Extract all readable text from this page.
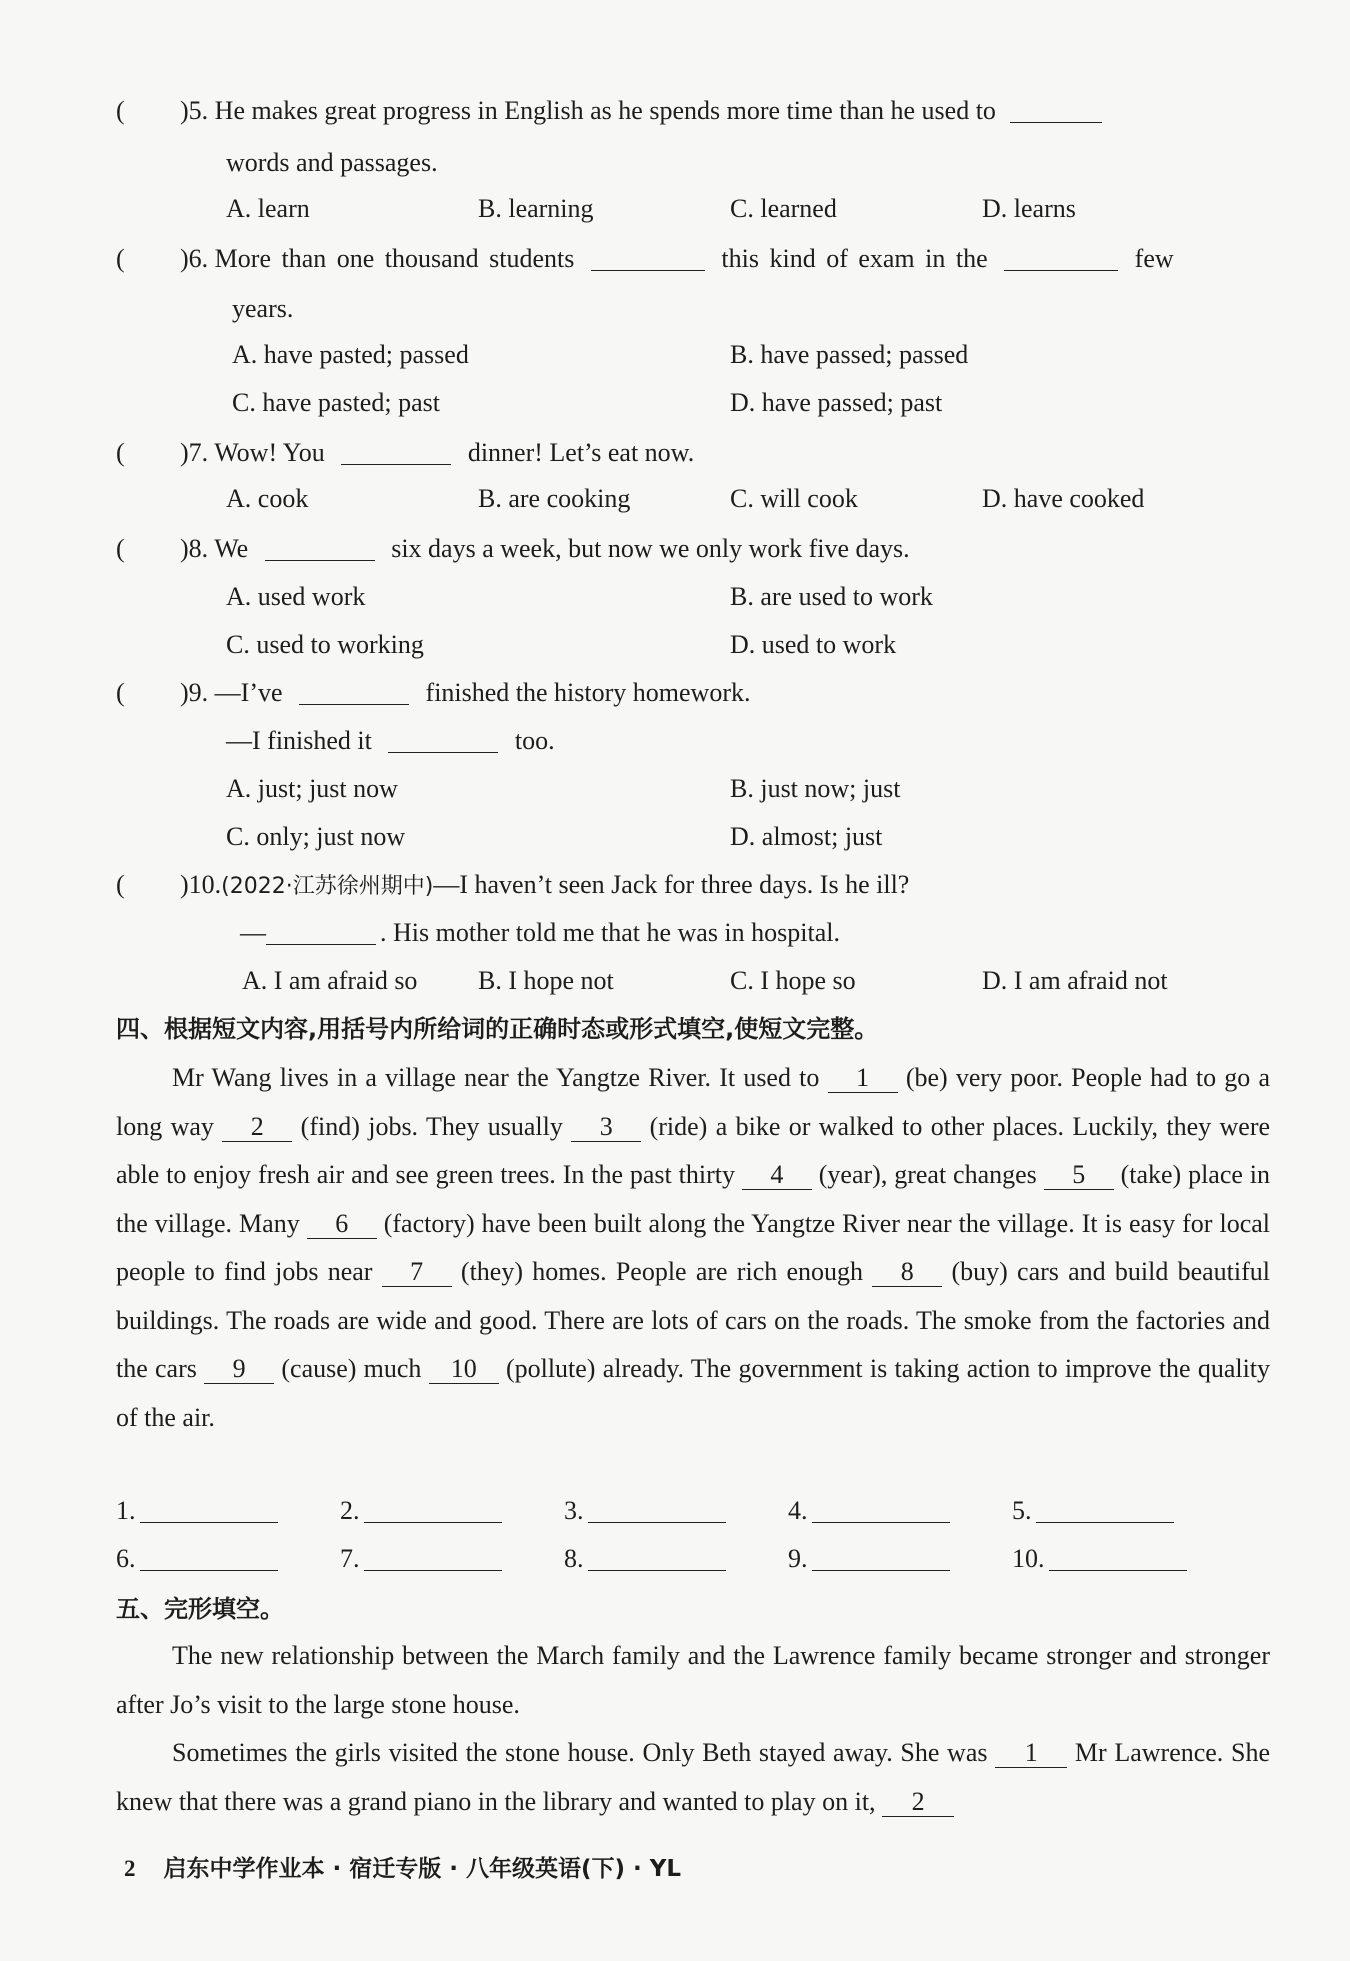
( )5. He makes great progress in English as he spends more time than he used to
words and passages.
A. learn	B. learning	C. learned	D. learns
( )6. More than one thousand students	this kind of exam in the	few
years.
A. have pasted; passed	B. have passed; passed
C. have pasted; past	D. have passed; past
( )7. Wow! You	dinner! Let’s eat now.
A. cook	B. are cooking	C. will cook	D. have cooked
( )8. We	six days a week, but now we only work five days.
A. used work	B. are used to work
C. used to working	D. used to work
( )9. —I’ve	finished the history homework.
—I finished it	too.
A. just; just now	B. just now; just
C. only; just now	D. almost; just
( )10.(2022·江苏徐州期中)—I haven’t seen Jack for three days. Is he ill?
—	. His mother told me that he was in hospital.
A. I am afraid so B. I hope not	C. I hope so	D. I am afraid not
四、根据短文内容,用括号内所给词的正确时态或形式填空,使短文完整。
Mr Wang lives in a village near the Yangtze River. It used to 1 (be) very poor. People had to go a long way 2 (find) jobs. They usually 3 (ride) a bike or walked to other places. Luckily, they were able to enjoy fresh air and see green trees. In the past thirty 4 (year), great changes 5 (take) place in the village. Many 6 (factory) have been built along the Yangtze River near the village. It is easy for local people to find jobs near 7 (they) homes. People are rich enough 8 (buy) cars and build beautiful buildings. The roads are wide and good. There are lots of cars on the roads. The smoke from the factories and the cars 9 (cause) much 10 (pollute) already. The government is taking action to improve the quality of the air.
1.	2.	3.	4.	5.
6.	7.	8.	9.	10.
五、完形填空。
The new relationship between the March family and the Lawrence family became stronger and stronger after Jo’s visit to the large stone house.
Sometimes the girls visited the stone house. Only Beth stayed away. She was 1 Mr Lawrence. She knew that there was a grand piano in the library and wanted to play on it, 2
2 启东中学作业本 · 宿迁专版 · 八年级英语(下) · YL
